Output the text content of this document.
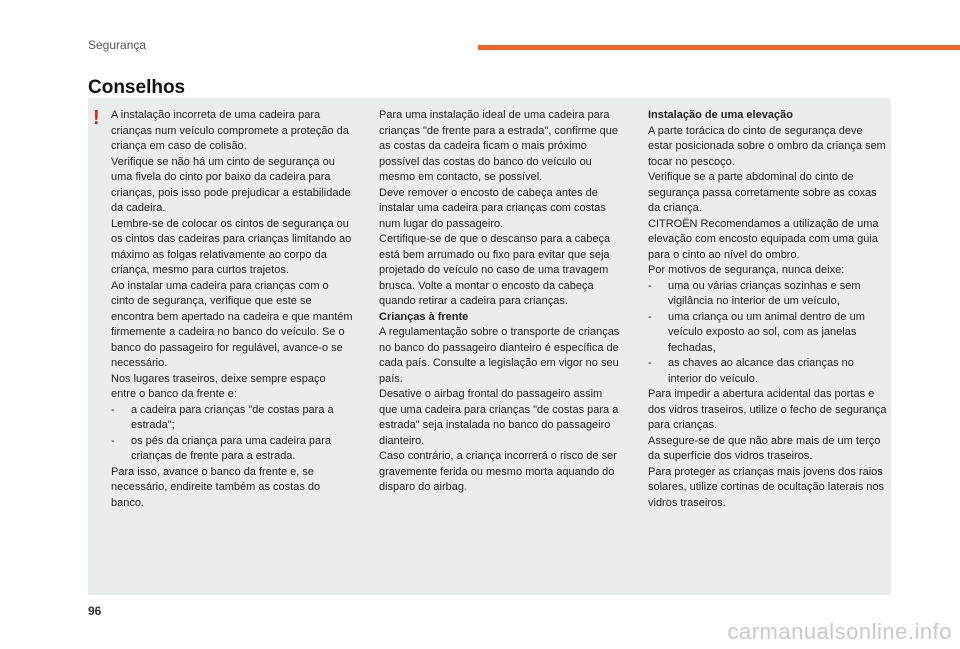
Segurança
Conselhos
! A instalação incorreta de uma cadeira para crianças num veículo compromete a proteção da criança em caso de colisão.

Verifique se não há um cinto de segurança ou uma fivela do cinto por baixo da cadeira para crianças, pois isso pode prejudicar a estabilidade da cadeira.

Lembre-se de colocar os cintos de segurança ou os cintos das cadeiras para crianças limitando ao máximo as folgas relativamente ao corpo da criança, mesmo para curtos trajetos.

Ao instalar uma cadeira para crianças com o cinto de segurança, verifique que este se encontra bem apertado na cadeira e que mantém firmemente a cadeira no banco do veículo. Se o banco do passageiro for regulável, avance-o se necessário.

Nos lugares traseiros, deixe sempre espaço entre o banco da frente e:

-	a cadeira para crianças "de costas para a estrada";
-	os pés da criança para uma cadeira para crianças de frente para a estrada.

Para isso, avance o banco da frente e, se necessário, endireite também as costas do banco.

Para uma instalação ideal de uma cadeira para crianças "de frente para a estrada", confirme que as costas da cadeira ficam o mais próximo possível das costas do banco do veículo ou mesmo em contacto, se possível.

Deve remover o encosto de cabeça antes de instalar uma cadeira para crianças com costas num lugar do passageiro.

Certifique-se de que o descanso para a cabeça está bem arrumado ou fixo para evitar que seja projetado do veículo no caso de uma travagem brusca. Volte a montar o encosto da cabeça quando retirar a cadeira para crianças.

Crianças à frente

A regulamentação sobre o transporte de crianças no banco do passageiro dianteiro é específica de cada país. Consulte a legislação em vigor no seu país.

Desative o airbag frontal do passageiro assim que uma cadeira para crianças "de costas para a estrada" seja instalada no banco do passageiro dianteiro.

Caso contrário, a criança incorrerá o risco de ser gravemente ferida ou mesmo morta aquando do disparo do airbag.

Instalação de uma elevação

A parte torácica do cinto de segurança deve estar posicionada sobre o ombro da criança sem tocar no pescoço.

Verifique se a parte abdominal do cinto de segurança passa corretamente sobre as coxas da criança.

CITROËN Recomendamos a utilização de uma elevação com encosto equipada com uma guia para o cinto ao nível do ombro.

Por motivos de segurança, nunca deixe:

-	uma ou várias crianças sozinhas e sem vigilância no interior de um veículo,
-	uma criança ou um animal dentro de um veículo exposto ao sol, com as janelas fechadas,
-	as chaves ao alcance das crianças no interior do veículo.

Para impedir a abertura acidental das portas e dos vidros traseiros, utilize o fecho de segurança para crianças.

Assegure-se de que não abre mais de um terço da superfície dos vidros traseiros.

Para proteger as crianças mais jovens dos raios solares, utilize cortinas de ocultação laterais nos vidros traseiros.

96
carmanualsonline.info
